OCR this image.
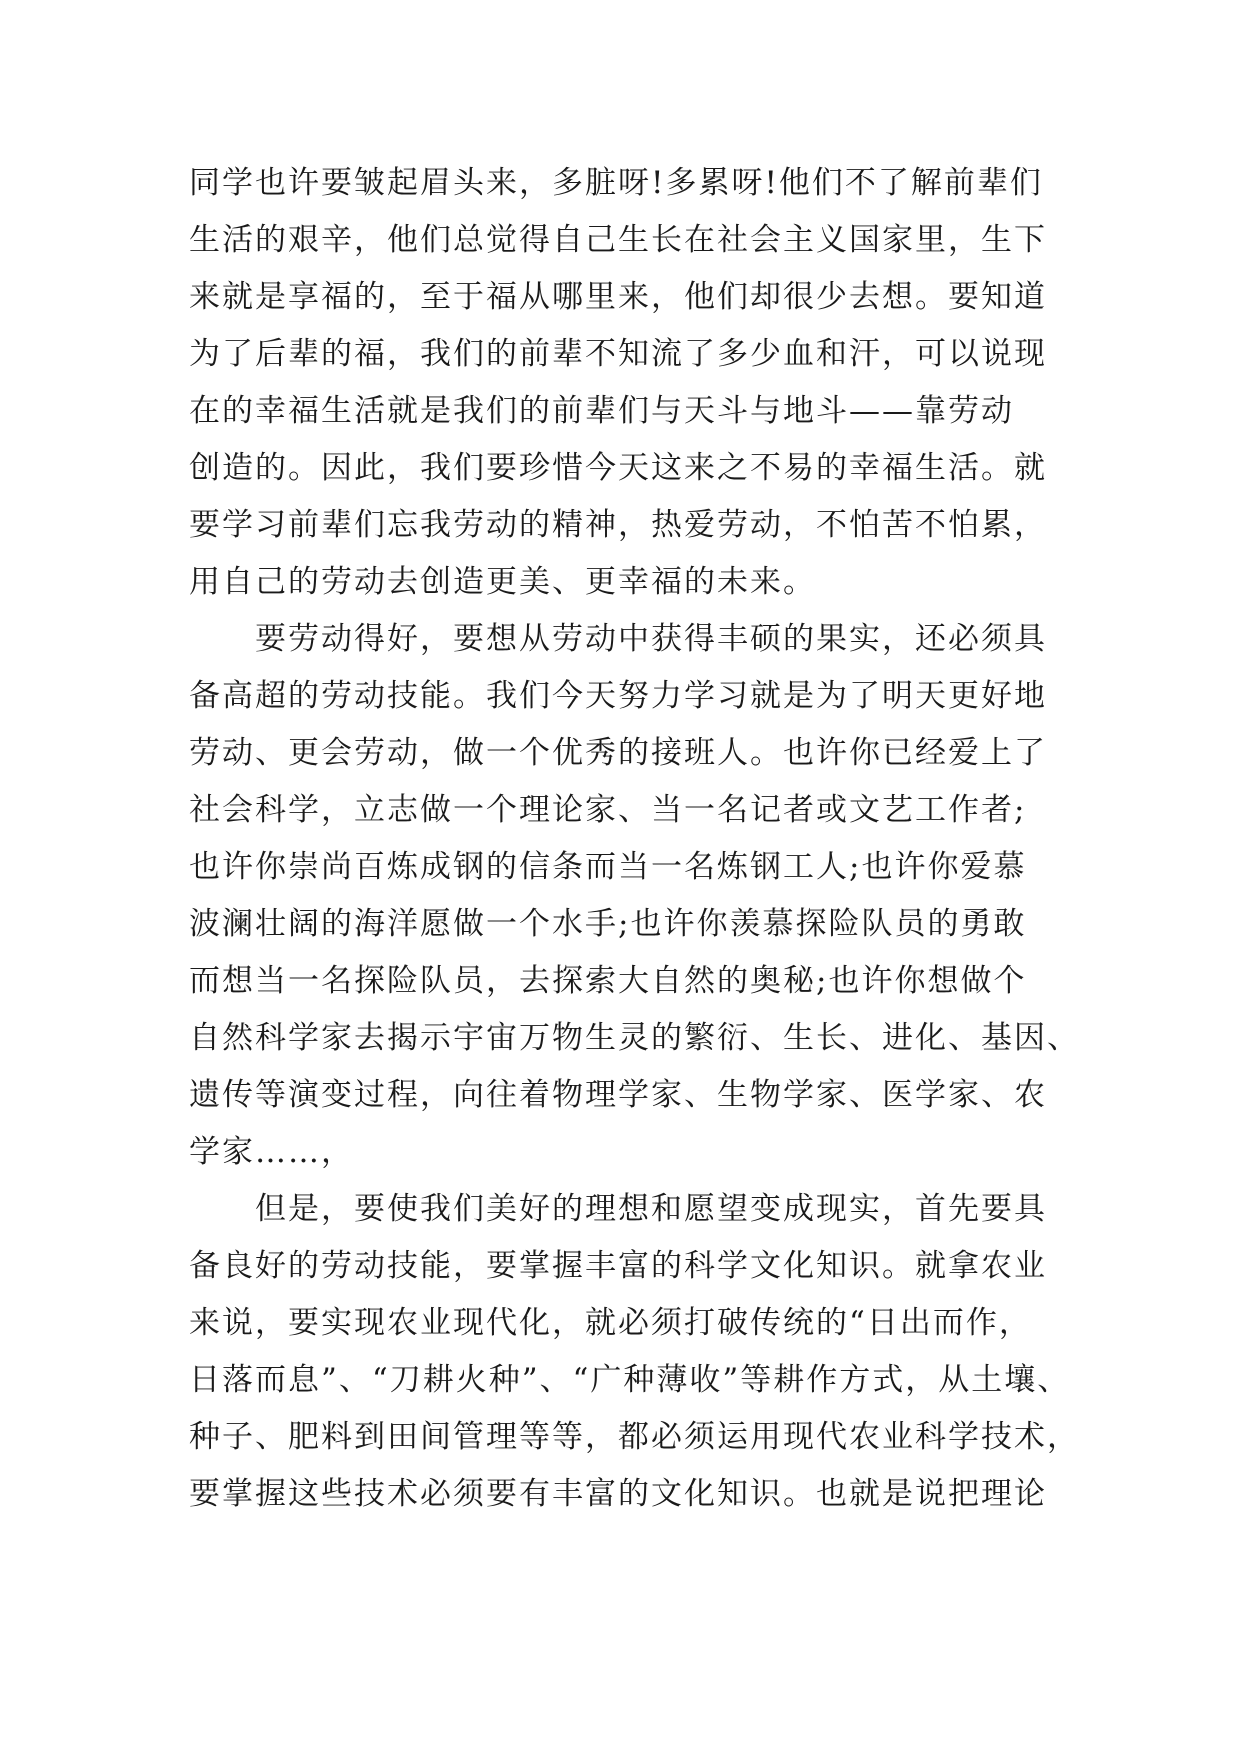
同学也许要皱起眉头来，多脏呀!多累呀!他们不了解前辈们
生活的艰辛，他们总觉得自己生长在社会主义国家里，生下
来就是享福的，至于福从哪里来，他们却很少去想。要知道
为了后辈的福，我们的前辈不知流了多少血和汗，可以说现
在的幸福生活就是我们的前辈们与天斗与地斗——靠劳动
创造的。因此，我们要珍惜今天这来之不易的幸福生活。就
要学习前辈们忘我劳动的精神，热爱劳动，不怕苦不怕累，
用自己的劳动去创造更美、更幸福的未来。
要劳动得好，要想从劳动中获得丰硕的果实，还必须具
备高超的劳动技能。我们今天努力学习就是为了明天更好地
劳动、更会劳动，做一个优秀的接班人。也许你已经爱上了
社会科学，立志做一个理论家、当一名记者或文艺工作者;
也许你崇尚百炼成钢的信条而当一名炼钢工人;也许你爱慕
波澜壮阔的海洋愿做一个水手;也许你羡慕探险队员的勇敢
而想当一名探险队员，去探索大自然的奥秘;也许你想做个
自然科学家去揭示宇宙万物生灵的繁衍、生长、进化、基因、
遗传等演变过程，向往着物理学家、生物学家、医学家、农
学家……，
但是，要使我们美好的理想和愿望变成现实，首先要具
备良好的劳动技能，要掌握丰富的科学文化知识。就拿农业
来说，要实现农业现代化，就必须打破传统的“日出而作，
日落而息”、“刀耕火种”、“广种薄收”等耕作方式，从土壤、
种子、肥料到田间管理等等，都必须运用现代农业科学技术，
要掌握这些技术必须要有丰富的文化知识。也就是说把理论
